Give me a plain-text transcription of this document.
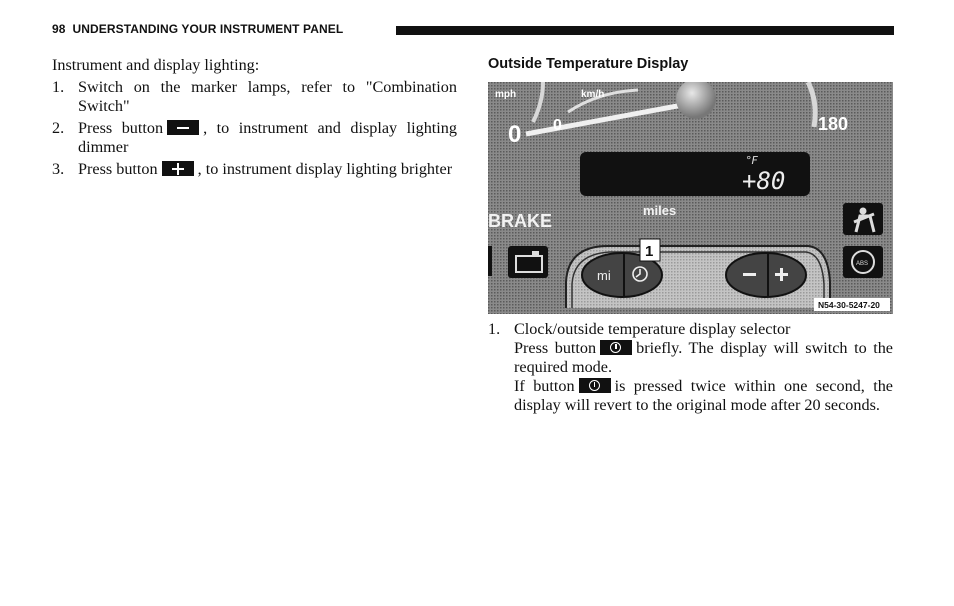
98 UNDERSTANDING YOUR INSTRUMENT PANEL
Instrument and display lighting:
1. Switch on the marker lamps, refer to "Combination Switch"
2. Press button , to instrument and display lighting dimmer
3. Press button , to instrument display lighting brighter
Outside Temperature Display
mph	km/h
0 0	180
°F
+80
BRAKE
miles
ABS
mi
1
N54-30-5247-20
1. Clock/outside temperature display selector

Press button briefly. The display will switch to the required mode.

If button is pressed twice within one second, the display will revert to the original mode after 20 seconds.
